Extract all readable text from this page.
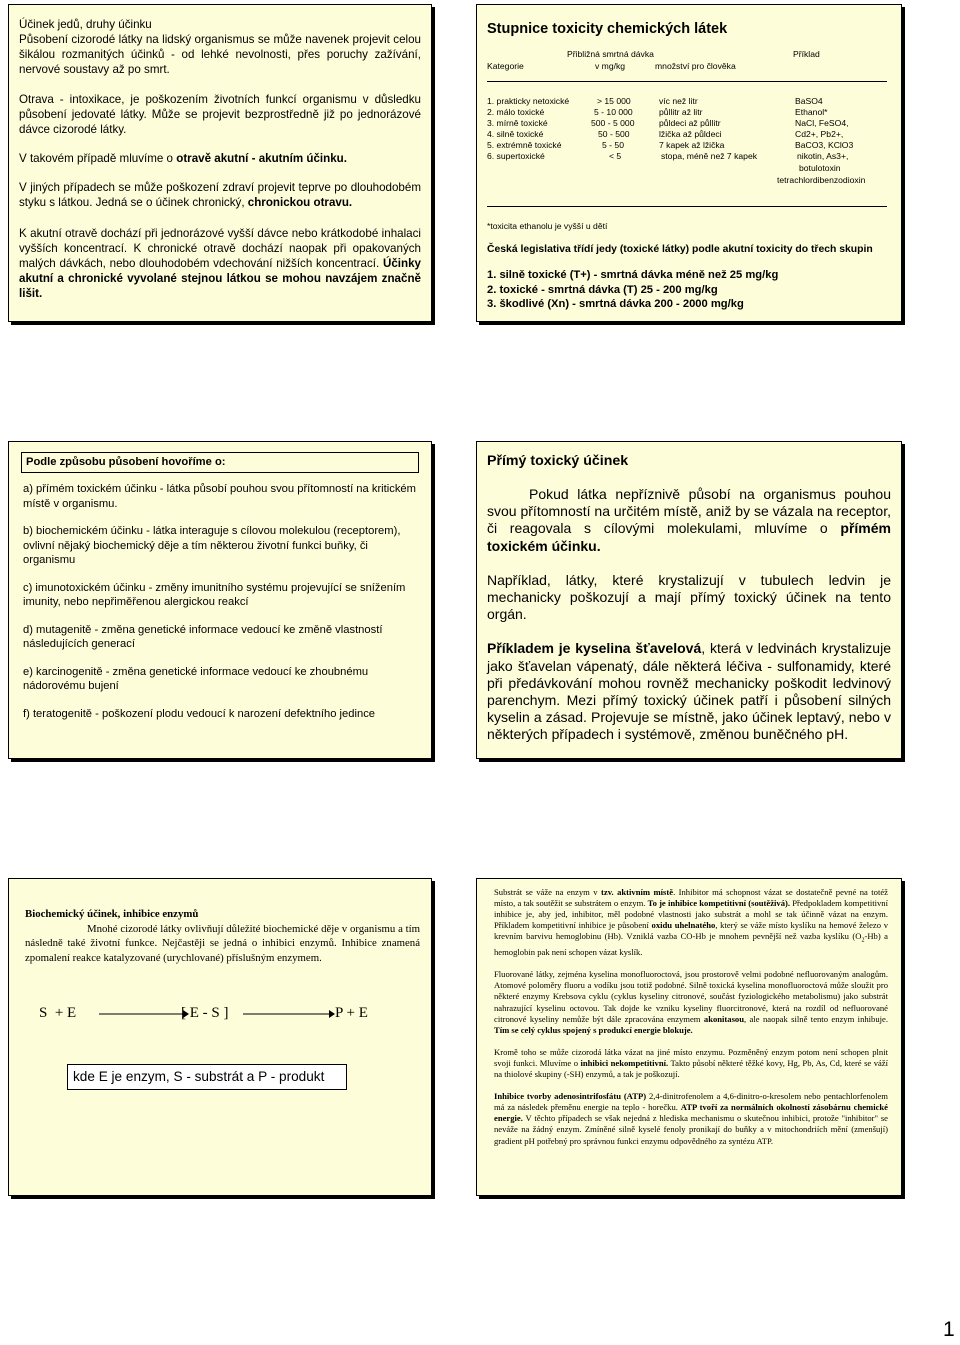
Účinek jedů, druhy účinku

Působení cizorodé látky na lidský organismus se může navenek projevit celou šikálou rozmanitých účinků - od lehké nevolnosti, přes poruchy zažívání, nervové soustavy až po smrt.

Otrava - intoxikace, je poškozením životních funkcí organismu v důsledku působení jedovaté látky. Může se projevit bezprostředně již po jednorázové dávce cizorodé látky.

V takovém případě mluvíme o otravě akutní - akutním účinku.

V jiných případech se může poškození zdraví projevit teprve po dlouhodobém styku s látkou. Jedná se o účinek chronický, chronickou otravu.

K akutní otravě dochází při jednorázové vyšší dávce nebo krátkodobé inhalaci vyšších koncentrací. K chronické otravě dochází naopak při opakovaných malých dávkách, nebo dlouhodobém vdechování nižších koncentrací. Účinky akutní a chronické vyvolané stejnou látkou se mohou navzájem značně lišit.

Stupnice toxicity chemických látek
Přibližná smrtná dávka	Příklad
Kategorie	v mg/kg	množství pro člověka
1. prakticky netoxické	> 15 000	víc než litr	BaSO4
2. málo toxické	5 - 10 000	půllitr až litr	Ethanol*
3. mírně toxické	500 - 5 000	půldeci až půllitr	NaCl, FeSO4,
4. silně toxické	50 - 500	lžička až půldeci	Cd2+, Pb2+,
5. extrémně toxické	5 - 50	7 kapek až lžička	BaCO3, KClO3
6. supertoxické	< 5	stopa, méně než 7 kapek	nikotin, As3+,
botulotoxin
tetrachlordibenzodioxin
*toxicita ethanolu je vyšší u dětí
Česká legislativa třídí jedy (toxické látky) podle akutní toxicity do třech skupin
1. silně toxické (T+) - smrtná dávka méně než 25 mg/kg
2. toxické - smrtná dávka (T) 25 - 200 mg/kg
3. škodlivé (Xn) - smrtná dávka 200 - 2000 mg/kg
Podle způsobu působení hovoříme o:

a) přímém toxickém účinku - látka působí pouhou svou přítomností na kritickém místě v organismu.

b) biochemickém účinku - látka interaguje s cílovou molekulou (receptorem), ovlivní nějaký biochemický děje a tím některou životní funkci buňky, či organismu

c) imunotoxickém účinku - změny imunitního systému projevující se snížením imunity, nebo nepřiměřenou alergickou reakcí

d) mutagenitě - změna genetické informace vedoucí ke změně vlastností následujících generací

e) karcinogenitě - změna genetické informace vedoucí ke zhoubnému nádorovému bujení

f) teratogenitě - poškození plodu vedoucí k narození defektního jedince

Přímý toxický účinek

Pokud látka nepříznivě působí na organismus pouhou svou přítomností na určitém místě, aniž by se vázala na receptor, či reagovala s cílovými molekulami, mluvíme o přímém toxickém účinku.

Například, látky, které krystalizují v tubulech ledvin je mechanicky poškozují a mají přímý toxický účinek na tento orgán.

Příkladem je kyselina šťavelová, která v ledvinách krystalizuje jako šťavelan vápenatý, dále některá léčiva - sulfonamidy, které při předávkování mohou rovněž mechanicky poškodit ledvinový parenchym. Mezi přímý toxický účinek patří i působení silných kyselin a zásad. Projevuje se místně, jako účinek leptavý, nebo v některých případech i systémově, změnou buněčného pH.

Biochemický účinek, inhibice enzymů

Mnohé cizorodé látky ovlivňují důležité biochemické děje v organismu a tím následně také životní funkce. Nejčastěji se jedná o inhibici enzymů. Inhibice znamená zpomalení reakce katalyzované (urychlované) příslušným enzymem.

S  + E	[ E - S ]	P + E
kde E je enzym, S - substrát a P - produkt

Substrát se váže na enzym v tzv. aktivním místě. Inhibitor má schopnost vázat se dostatečně pevné na totéž místo, a tak soutěžit se substrátem o enzym. To je inhibice kompetitivní (soutěživá). Předpokladem kompetitivní inhibice je, aby jed, inhibitor, měl podobné vlastnosti jako substrát a mohl se tak účinně vázat na enzym. Příkladem kompetitivní inhibice je působení oxidu uhelnatého, který se váže místo kyslíku na hemové železo v krevním barvivu hemoglobinu (Hb). Vzniklá vazba CO-Hb je mnohem pevnější než vazba kyslíku $(O_2-Hb)$ a hemoglobin pak není schopen vázat kyslík.

Fluorované látky, zejména kyselina monofluoroctová, jsou prostorově velmi podobné nefluorovaným analogům. Atomové poloměry fluoru a vodíku jsou totiž podobné. Silně toxická kyselina monofluoroctová může sloužit pro některé enzymy Krebsova cyklu (cyklus kyseliny citronové, součást fyziologického metabolismu) jako substrát nahrazující kyselinu octovou. Tak dojde ke vzniku kyseliny fluorcitronové, která na rozdíl od nefluorované citronové kyseliny nemůže být dále zpracována enzymem akonitasou, ale naopak silně tento enzym inhibuje. Tím se celý cyklus spojený s produkcí energie blokuje.

Kromě toho se může cizorodá látka vázat na jiné místo enzymu. Pozměněný enzym potom není schopen plnit svoji funkci. Mluvíme o inhibici nekompetitivní. Takto působí některé těžké kovy, Hg, Pb, As, Cd, které se váží na thiolové skupiny (-SH) enzymů, a tak je poškozují.

Inhibice tvorby adenosintrifosfátu (ATP) 2,4-dinitrofenolem a 4,6-dinitro-o-kresolem nebo pentachlorfenolem má za následek přeměnu energie na teplo - horečku. ATP tvoří za normálních okolností zásobárnu chemické energie. V těchto případech se však nejedná z hlediska mechanismu o skutečnou inhibici, protože "inhibitor" se neváže na žádný enzym. Zmíněné silně kyselé fenoly pronikají do buňky a v mitochondriích mění (zmenšují) gradient pH potřebný pro správnou funkci enzymu odpovědného za syntézu ATP.

1
